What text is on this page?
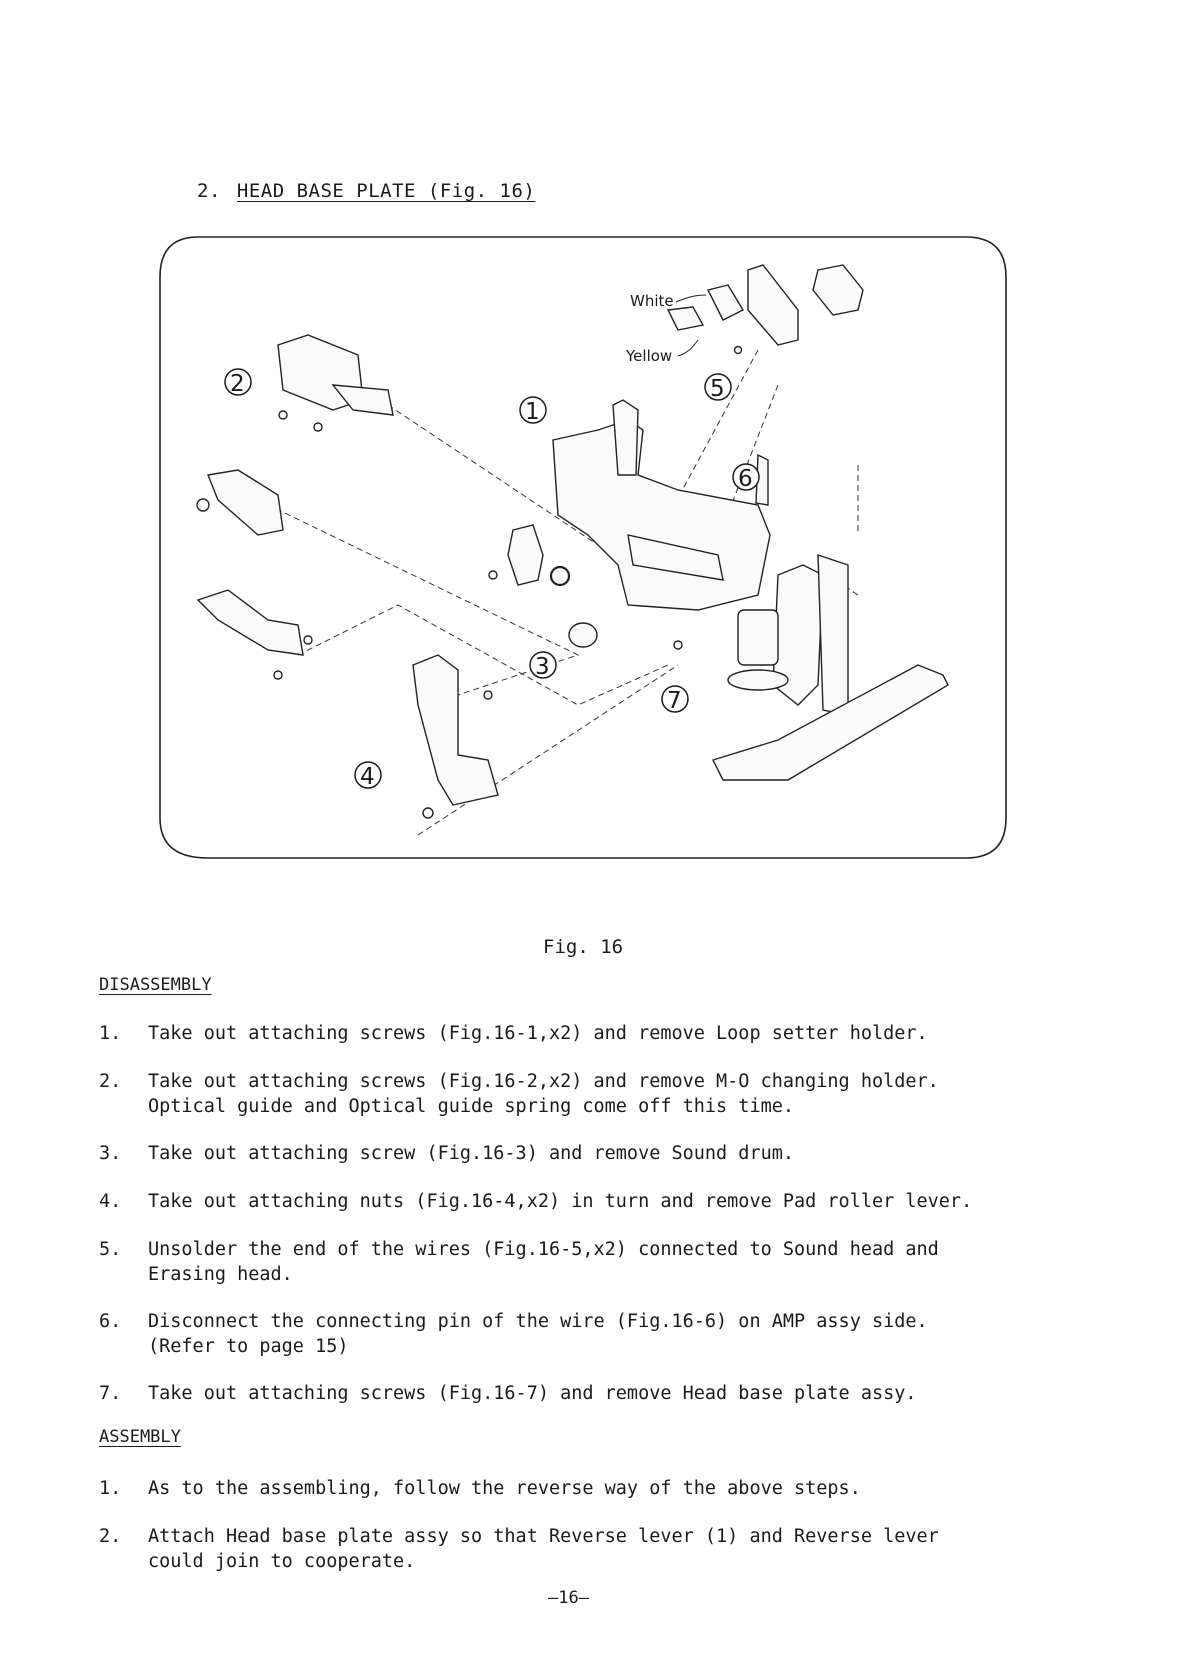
2. HEAD BASE PLATE (Fig. 16)
White
Yellow
1
2
3
4
5
6
7
Fig. 16
DISASSEMBLY
1. Take out attaching screws (Fig.16-1,x2) and remove Loop setter holder.
2. Take out attaching screws (Fig.16-2,x2) and remove M-O changing holder.
Optical guide and Optical guide spring come off this time.
3. Take out attaching screw (Fig.16-3) and remove Sound drum.
4. Take out attaching nuts (Fig.16-4,x2) in turn and remove Pad roller lever.
5. Unsolder the end of the wires (Fig.16-5,x2) connected to Sound head and
Erasing head.
6. Disconnect the connecting pin of the wire (Fig.16-6) on AMP assy side.
(Refer to page 15)
7. Take out attaching screws (Fig.16-7) and remove Head base plate assy.
ASSEMBLY
1. As to the assembling, follow the reverse way of the above steps.
2. Attach Head base plate assy so that Reverse lever (1) and Reverse lever
could join to cooperate.
—16—
